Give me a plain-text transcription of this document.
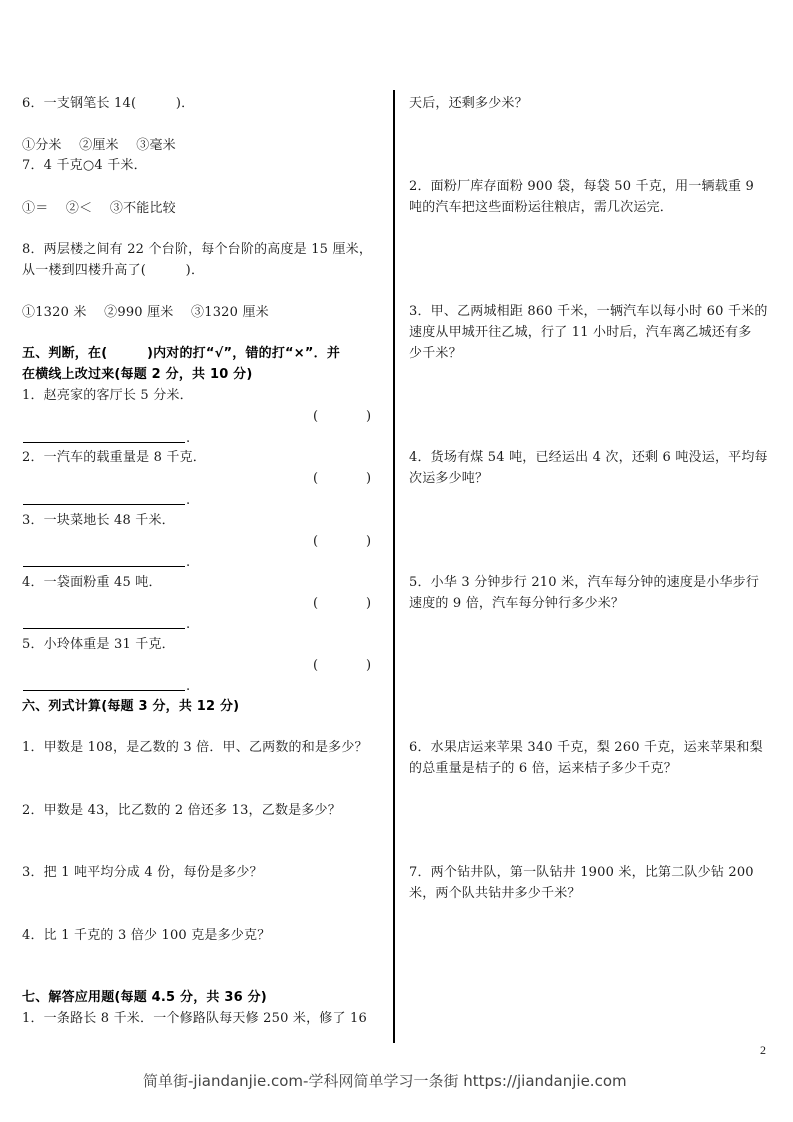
6．一支钢笔长 14(　　　)．
①分米　 ②厘米　 ③毫米
7．4 千克○4 千米．
①＝　 ②＜　 ③不能比较
8．两层楼之间有 22 个台阶，每个台阶的高度是 15 厘米，
从一楼到四楼升高了(　　　)．
①1320 米　 ②990 厘米　 ③1320 厘米
五、判断，在(　　　)内对的打“√”，错的打“×”．并
在横线上改过来(每题 2 分，共 10 分)
1．赵亮家的客厅长 5 分米．
(	)
.
2．一汽车的载重量是 8 千克．
(	)
.
3．一块菜地长 48 千米．
(	)
.
4．一袋面粉重 45 吨．
(	)
.
5．小玲体重是 31 千克．
(	)
.
六、列式计算(每题 3 分，共 12 分)
1．甲数是 108，是乙数的 3 倍．甲、乙两数的和是多少？
2．甲数是 43，比乙数的 2 倍还多 13，乙数是多少？
3．把 1 吨平均分成 4 份，每份是多少？
4．比 1 千克的 3 倍少 100 克是多少克？
七、解答应用题(每题 4.5 分，共 36 分)
1．一条路长 8 千米．一个修路队每天修 250 米，修了 16
天后，还剩多少米？
2．面粉厂库存面粉 900 袋，每袋 50 千克，用一辆载重 9
吨的汽车把这些面粉运往粮店，需几次运完．
3．甲、乙两城相距 860 千米，一辆汽车以每小时 60 千米的
速度从甲城开往乙城，行了 11 小时后，汽车离乙城还有多
少千米？
4．货场有煤 54 吨，已经运出 4 次，还剩 6 吨没运，平均每
次运多少吨？
5．小华 3 分钟步行 210 米，汽车每分钟的速度是小华步行
速度的 9 倍，汽车每分钟行多少米？
6．水果店运来苹果 340 千克，梨 260 千克，运来苹果和梨
的总重量是桔子的 6 倍，运来桔子多少千克？
7．两个钻井队，第一队钻井 1900 米，比第二队少钻 200
米，两个队共钻井多少千米？
2
简单街-jiandanjie.com-学科网简单学习一条街 https://jiandanjie.com
